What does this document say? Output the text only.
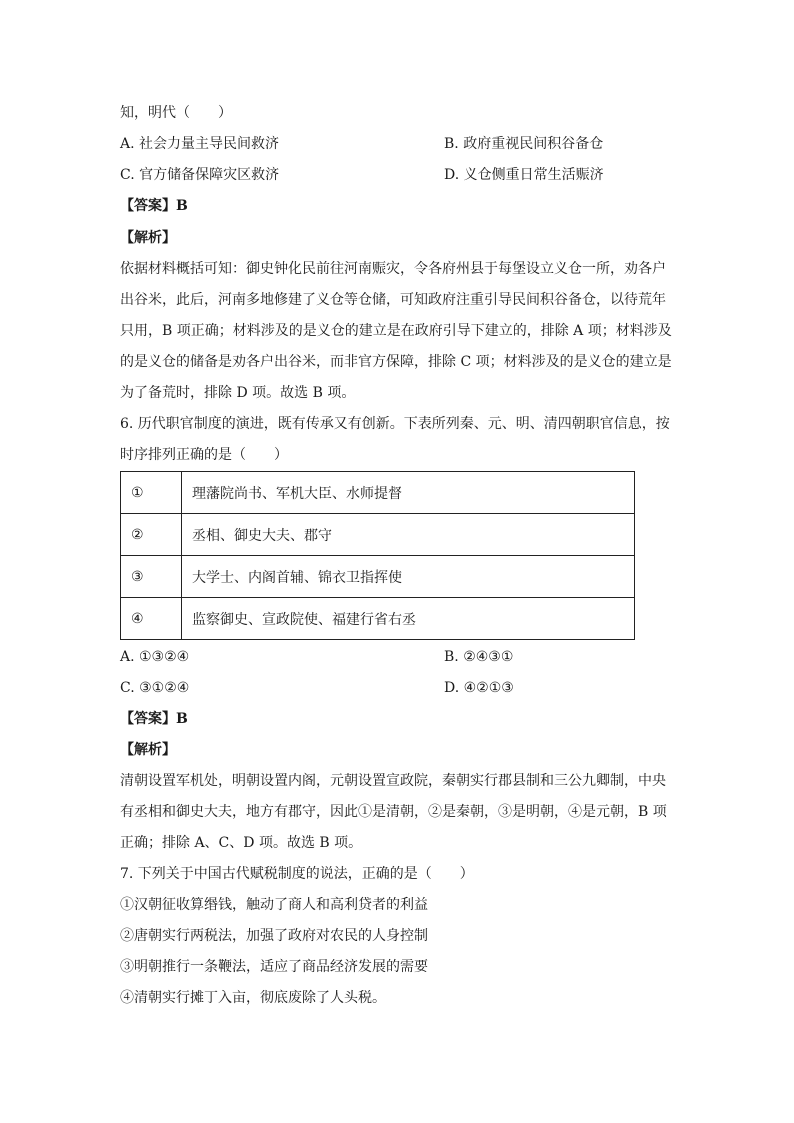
知，明代（　　）
A. 社会力量主导民间救济	B. 政府重视民间积谷备仓
C. 官方储备保障灾区救济	D. 义仓侧重日常生活赈济
【答案】B
【解析】
依据材料概括可知：御史钟化民前往河南赈灾，令各府州县于每堡设立义仓一所，劝各户
出谷米，此后，河南多地修建了义仓等仓储，可知政府注重引导民间积谷备仓，以待荒年
只用，B 项正确；材料涉及的是义仓的建立是在政府引导下建立的，排除 A 项；材料涉及
的是义仓的储备是劝各户出谷米，而非官方保障，排除 C 项；材料涉及的是义仓的建立是
为了备荒时，排除 D 项。故选 B 项。
6. 历代职官制度的演进，既有传承又有创新。下表所列秦、元、明、清四朝职官信息，按
时序排列正确的是（　　）
①	理藩院尚书、军机大臣、水师提督
②	丞相、御史大夫、郡守
③	大学士、内阁首辅、锦衣卫指挥使
④	监察御史、宣政院使、福建行省右丞
A. ①③②④	B. ②④③①
C. ③①②④	D. ④②①③
【答案】B
【解析】
清朝设置军机处，明朝设置内阁，元朝设置宣政院，秦朝实行郡县制和三公九卿制，中央
有丞相和御史大夫，地方有郡守，因此①是清朝，②是秦朝，③是明朝，④是元朝，B 项
正确；排除 A、C、D 项。故选 B 项。
7. 下列关于中国古代赋税制度的说法，正确的是（　　）
①汉朝征收算缗钱，触动了商人和高利贷者的利益
②唐朝实行两税法，加强了政府对农民的人身控制
③明朝推行一条鞭法，适应了商品经济发展的需要
④清朝实行摊丁入亩，彻底废除了人头税。
